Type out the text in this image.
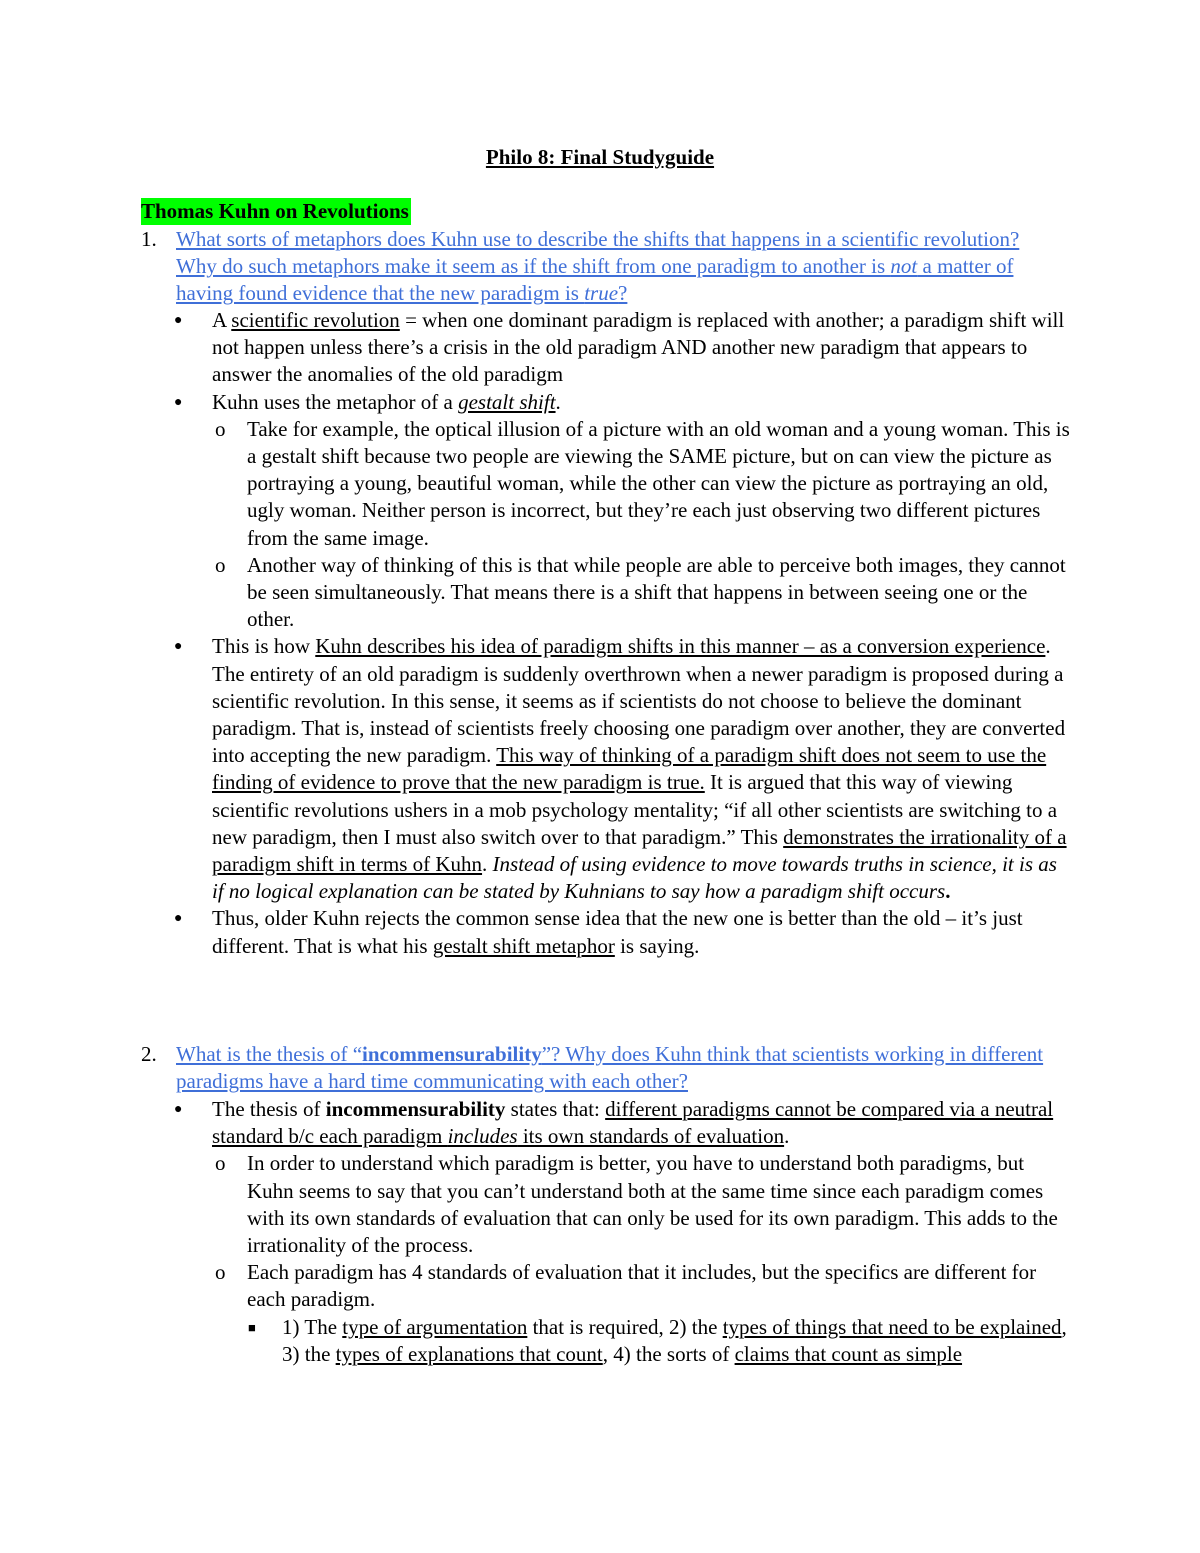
Philo 8: Final Studyguide
Thomas Kuhn on Revolutions
1. What sorts of metaphors does Kuhn use to describe the shifts that happens in a scientific revolution? Why do such metaphors make it seem as if the shift from one paradigm to another is not a matter of having found evidence that the new paradigm is true?
●	A scientific revolution = when one dominant paradigm is replaced with another; a paradigm shift will not happen unless there’s a crisis in the old paradigm AND another new paradigm that appears to answer the anomalies of the old paradigm
●	Kuhn uses the metaphor of a gestalt shift.
o Take for example, the optical illusion of a picture with an old woman and a young woman. This is a gestalt shift because two people are viewing the SAME picture, but on can view the picture as portraying a young, beautiful woman, while the other can view the picture as portraying an old, ugly woman. Neither person is incorrect, but they’re each just observing two different pictures from the same image.
o Another way of thinking of this is that while people are able to perceive both images, they cannot be seen simultaneously. That means there is a shift that happens in between seeing one or the other.
●	This is how Kuhn describes his idea of paradigm shifts in this manner – as a conversion experience. The entirety of an old paradigm is suddenly overthrown when a newer paradigm is proposed during a scientific revolution. In this sense, it seems as if scientists do not choose to believe the dominant paradigm. That is, instead of scientists freely choosing one paradigm over another, they are converted into accepting the new paradigm. This way of thinking of a paradigm shift does not seem to use the finding of evidence to prove that the new paradigm is true. It is argued that this way of viewing scientific revolutions ushers in a mob psychology mentality; “if all other scientists are switching to a new paradigm, then I must also switch over to that paradigm.” This demonstrates the irrationality of a paradigm shift in terms of Kuhn. Instead of using evidence to move towards truths in science, it is as if no logical explanation can be stated by Kuhnians to say how a paradigm shift occurs.
●	Thus, older Kuhn rejects the common sense idea that the new one is better than the old – it’s just different. That is what his gestalt shift metaphor is saying.
2. What is the thesis of “incommensurability”? Why does Kuhn think that scientists working in different paradigms have a hard time communicating with each other?
●	The thesis of incommensurability states that: different paradigms cannot be compared via a neutral standard b/c each paradigm includes its own standards of evaluation.
o In order to understand which paradigm is better, you have to understand both paradigms, but Kuhn seems to say that you can’t understand both at the same time since each paradigm comes with its own standards of evaluation that can only be used for its own paradigm. This adds to the irrationality of the process.
o Each paradigm has 4 standards of evaluation that it includes, but the specifics are different for each paradigm.
■ 1) The type of argumentation that is required, 2) the types of things that need to be explained, 3) the types of explanations that count, 4) the sorts of claims that count as simple
